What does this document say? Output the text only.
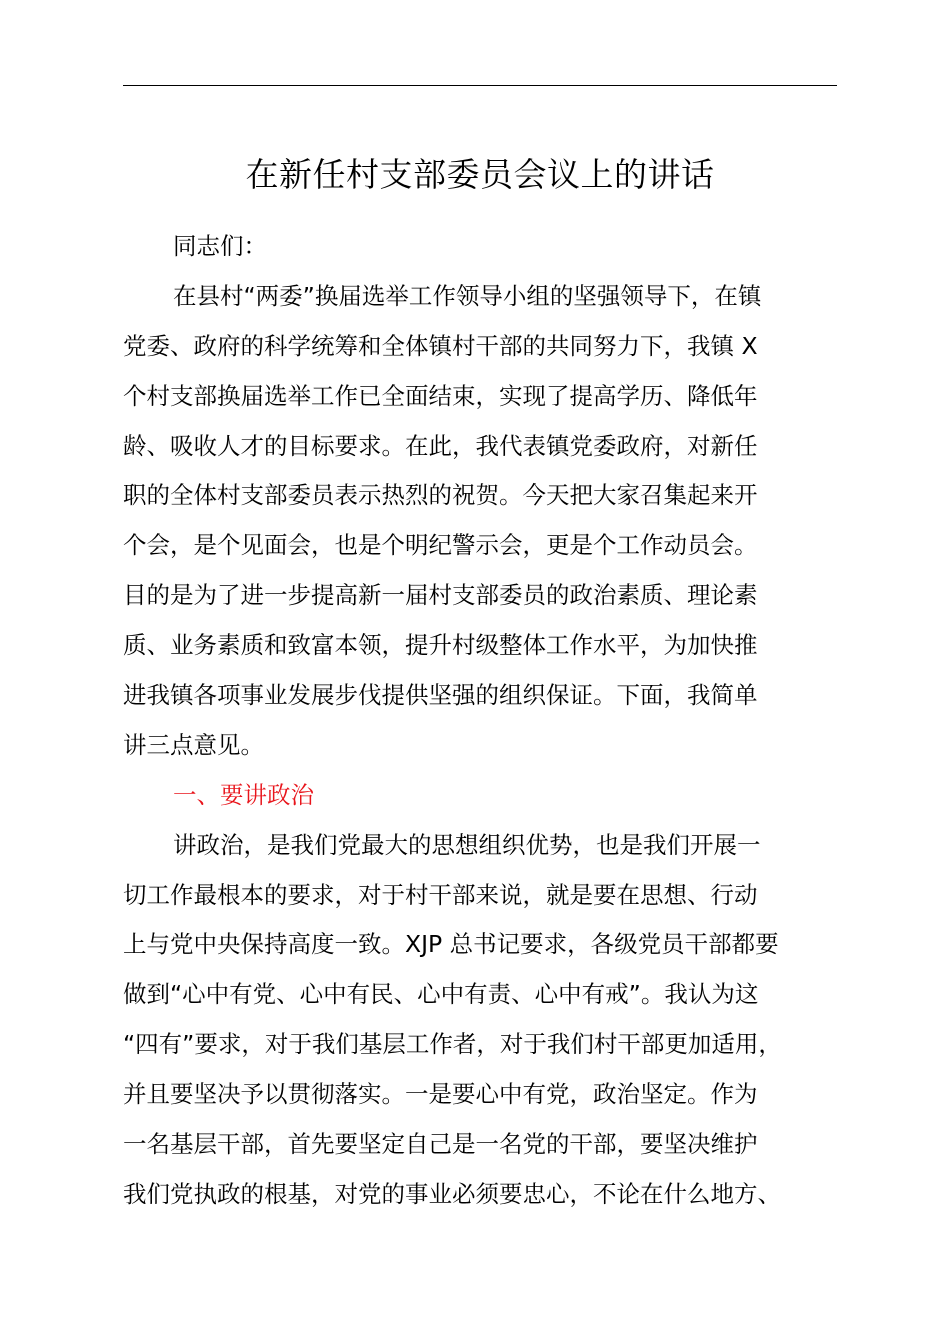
在新任村支部委员会议上的讲话
同志们：
在县村“两委”换届选举工作领导小组的坚强领导下，在镇
党委、政府的科学统筹和全体镇村干部的共同努力下，我镇 X
个村支部换届选举工作已全面结束，实现了提高学历、降低年
龄、吸收人才的目标要求。在此，我代表镇党委政府，对新任
职的全体村支部委员表示热烈的祝贺。今天把大家召集起来开
个会，是个见面会，也是个明纪警示会，更是个工作动员会。
目的是为了进一步提高新一届村支部委员的政治素质、理论素
质、业务素质和致富本领，提升村级整体工作水平，为加快推
进我镇各项事业发展步伐提供坚强的组织保证。下面，我简单
讲三点意见。
一、要讲政治
讲政治，是我们党最大的思想组织优势，也是我们开展一
切工作最根本的要求，对于村干部来说，就是要在思想、行动
上与党中央保持高度一致。XJP 总书记要求，各级党员干部都要
做到“心中有党、心中有民、心中有责、心中有戒”。我认为这
“四有”要求，对于我们基层工作者，对于我们村干部更加适用，
并且要坚决予以贯彻落实。一是要心中有党，政治坚定。作为
一名基层干部，首先要坚定自己是一名党的干部，要坚决维护
我们党执政的根基，对党的事业必须要忠心，不论在什么地方、
